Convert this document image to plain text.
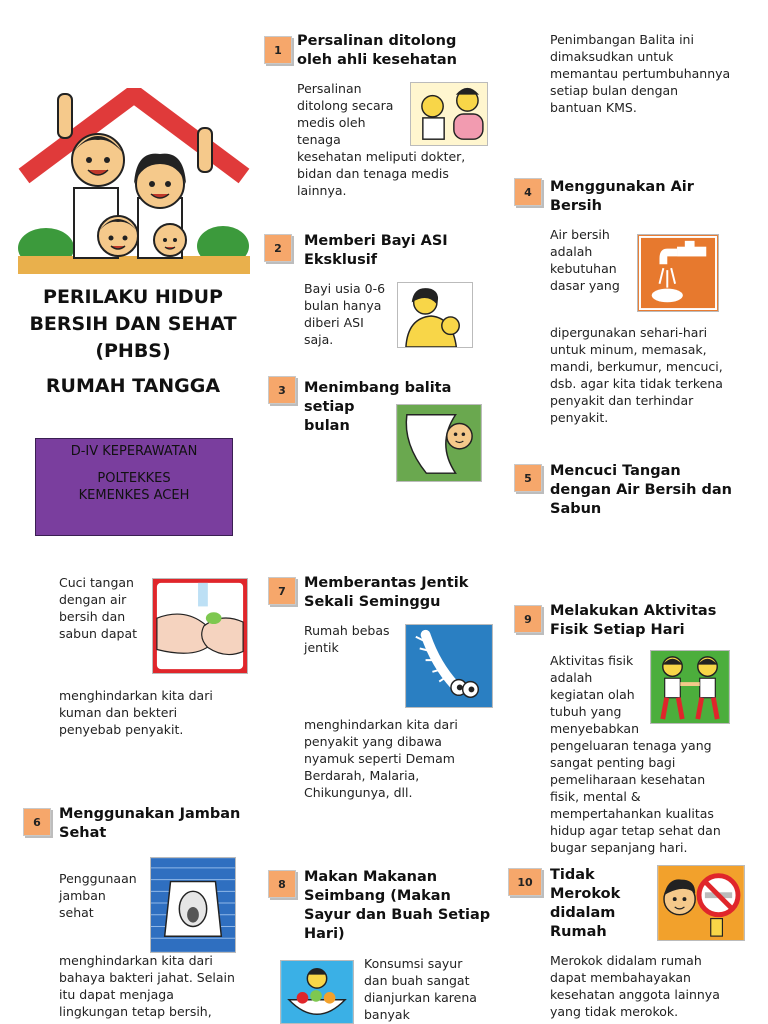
PERILAKU HIDUP
BERSIH DAN SEHAT
(PHBS)
RUMAH TANGGA
D-IV KEPERAWATAN
POLTEKKES
KEMENKES ACEH
1
Persalinan ditolong
oleh ahli kesehatan
Persalinan
ditolong secara
medis oleh
tenaga
kesehatan meliputi dokter,
bidan dan tenaga medis
lainnya.
2	Memberi Bayi ASI
Eksklusif
Bayi usia 0-6
bulan hanya
diberi ASI
saja.
3	Menimbang balita
setiap
bulan
Penimbangan Balita ini
dimaksudkan untuk
memantau pertumbuhannya
setiap bulan dengan
bantuan KMS.
4	Menggunakan Air
Bersih
Air bersih
adalah
kebutuhan
dasar yang
dipergunakan sehari-hari
untuk minum, memasak,
mandi, berkumur, mencuci,
dsb. agar kita tidak terkena
penyakit dan terhindar
penyakit.
5	Mencuci Tangan
dengan Air Bersih dan
Sabun
Cuci tangan
dengan air
bersih dan
sabun dapat
menghindarkan kita dari
kuman dan bekteri
penyebab penyakit.
6	Menggunakan Jamban
Sehat
Penggunaan
jamban
sehat
menghindarkan kita dari
bahaya bakteri jahat. Selain
itu dapat menjaga
lingkungan tetap bersih,
7	Memberantas Jentik
Sekali Seminggu
Rumah bebas
jentik
menghindarkan kita dari
penyakit yang dibawa
nyamuk seperti Demam
Berdarah, Malaria,
Chikungunya, dll.
8	Makan Makanan
Seimbang (Makan
Sayur dan Buah Setiap
Hari)
Konsumsi sayur
dan buah sangat
dianjurkan karena
banyak
9	Melakukan Aktivitas
Fisik Setiap Hari
Aktivitas fisik
adalah
kegiatan olah
tubuh yang
menyebabkan
pengeluaran tenaga yang
sangat penting bagi
pemeliharaan kesehatan
fisik, mental &
mempertahankan kualitas
hidup agar tetap sehat dan
bugar sepanjang hari.
10	Tidak
Merokok
didalam
Rumah
Merokok didalam rumah
dapat membahayakan
kesehatan anggota lainnya
yang tidak merokok.
